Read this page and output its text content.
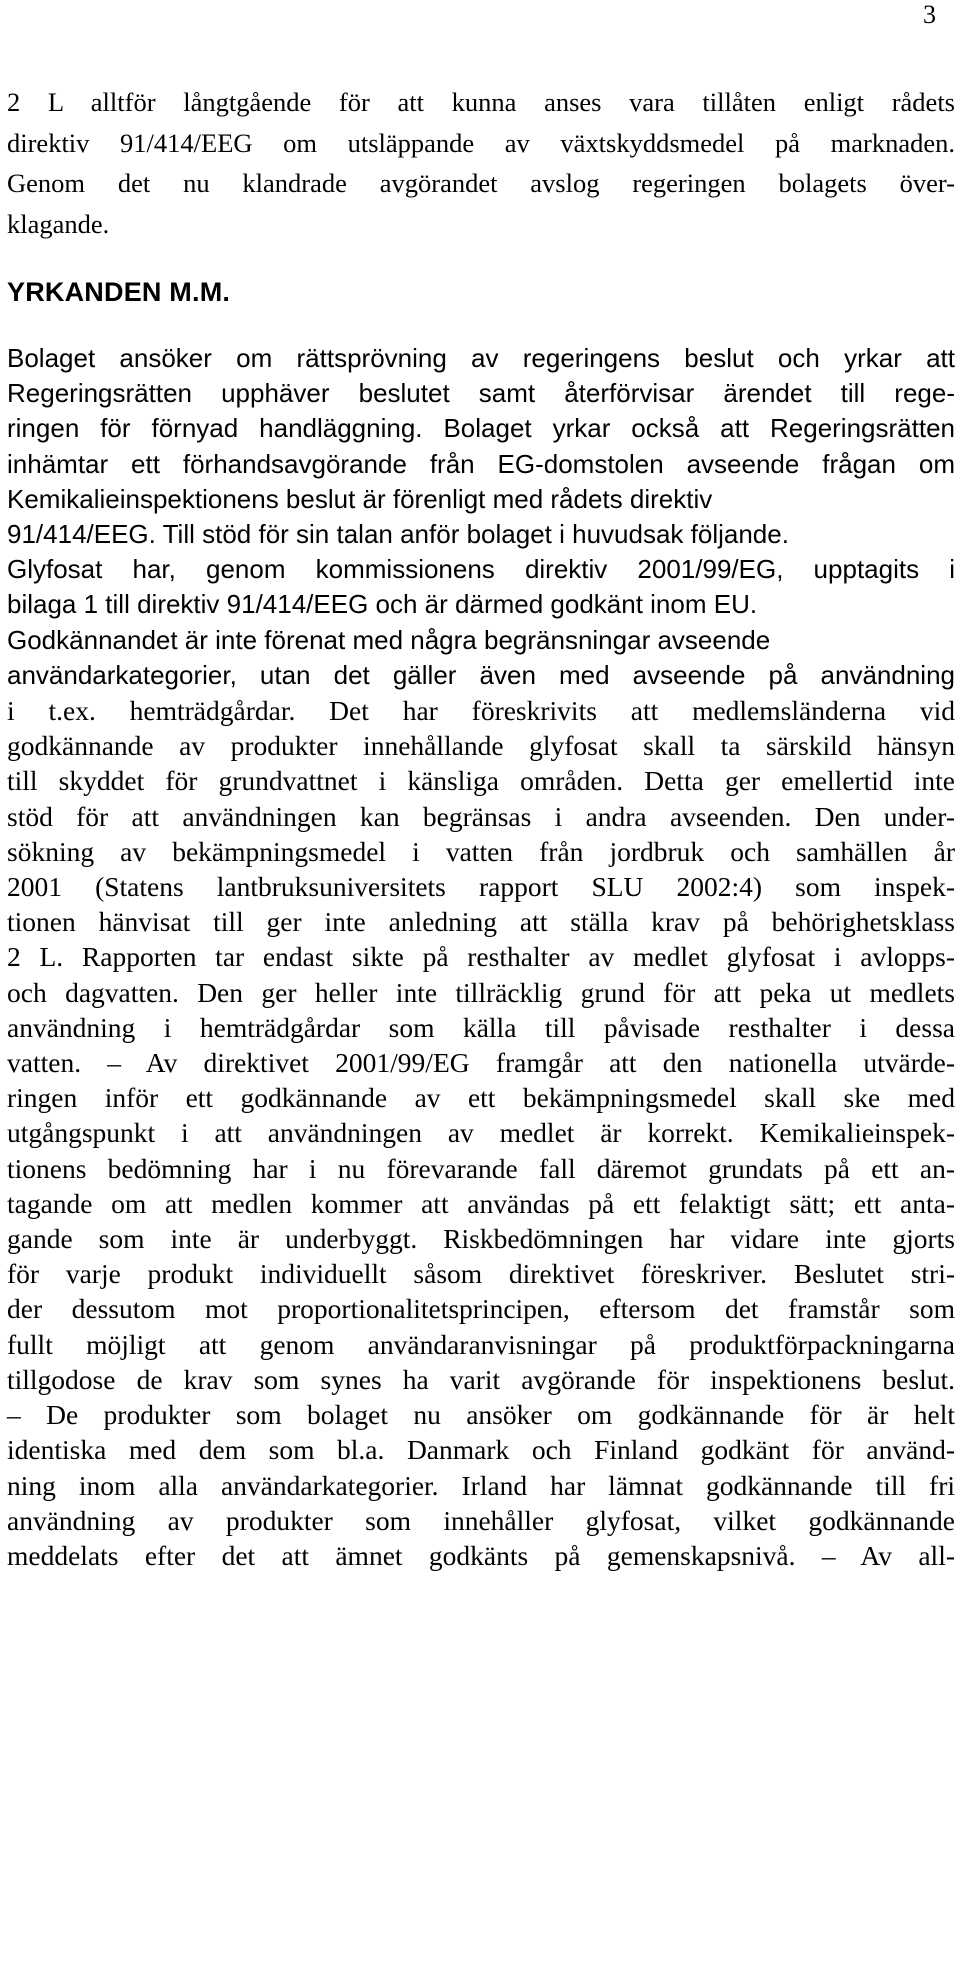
3

2 L alltför långtgående för att kunna anses vara tillåten enligt rådets
direktiv 91/414/EEG om utsläppande av växtskyddsmedel på marknaden.
Genom det nu klandrade avgörandet avslog regeringen bolagets över-
klagande.

YRKANDEN M.M.

Bolaget ansöker om rättsprövning av regeringens beslut och yrkar att
Regeringsrätten upphäver beslutet samt återförvisar ärendet till rege-
ringen för förnyad handläggning. Bolaget yrkar också att Regeringsrätten
inhämtar ett förhandsavgörande från EG-domstolen avseende frågan om
Kemikalieinspektionens beslut är förenligt med rådets direktiv
91/414/EEG. Till stöd för sin talan anför bolaget i huvudsak följande.
Glyfosat har, genom kommissionens direktiv 2001/99/EG, upptagits i
bilaga 1 till direktiv 91/414/EEG och är därmed godkänt inom EU.
Godkännandet är inte förenat med några begränsningar avseende
användarkategorier, utan det gäller även med avseende på användning
i t.ex. hemträdgårdar. Det har föreskrivits att medlemsländerna vid
godkännande av produkter innehållande glyfosat skall ta särskild hänsyn
till skyddet för grundvattnet i känsliga områden. Detta ger emellertid inte
stöd för att användningen kan begränsas i andra avseenden. Den under-
sökning av bekämpningsmedel i vatten från jordbruk och samhällen år
2001 (Statens lantbruksuniversitets rapport SLU 2002:4) som inspek-
tionen hänvisat till ger inte anledning att ställa krav på behörighetsklass
2 L. Rapporten tar endast sikte på resthalter av medlet glyfosat i avlopps-
och dagvatten. Den ger heller inte tillräcklig grund för att peka ut medlets
användning i hemträdgårdar som källa till påvisade resthalter i dessa
vatten. – Av direktivet 2001/99/EG framgår att den nationella utvärde-
ringen inför ett godkännande av ett bekämpningsmedel skall ske med
utgångspunkt i att användningen av medlet är korrekt. Kemikalieinspek-
tionens bedömning har i nu förevarande fall däremot grundats på ett an-
tagande om att medlen kommer att användas på ett felaktigt sätt; ett anta-
gande som inte är underbyggt. Riskbedömningen har vidare inte gjorts
för varje produkt individuellt såsom direktivet föreskriver. Beslutet stri-
der dessutom mot proportionalitetsprincipen, eftersom det framstår som
fullt möjligt att genom användaranvisningar på produktförpackningarna
tillgodose de krav som synes ha varit avgörande för inspektionens beslut.
– De produkter som bolaget nu ansöker om godkännande för är helt
identiska med dem som bl.a. Danmark och Finland godkänt för använd-
ning inom alla användarkategorier. Irland har lämnat godkännande till fri
användning av produkter som innehåller glyfosat, vilket godkännande
meddelats efter det att ämnet godkänts på gemenskapsnivå. – Av all-
